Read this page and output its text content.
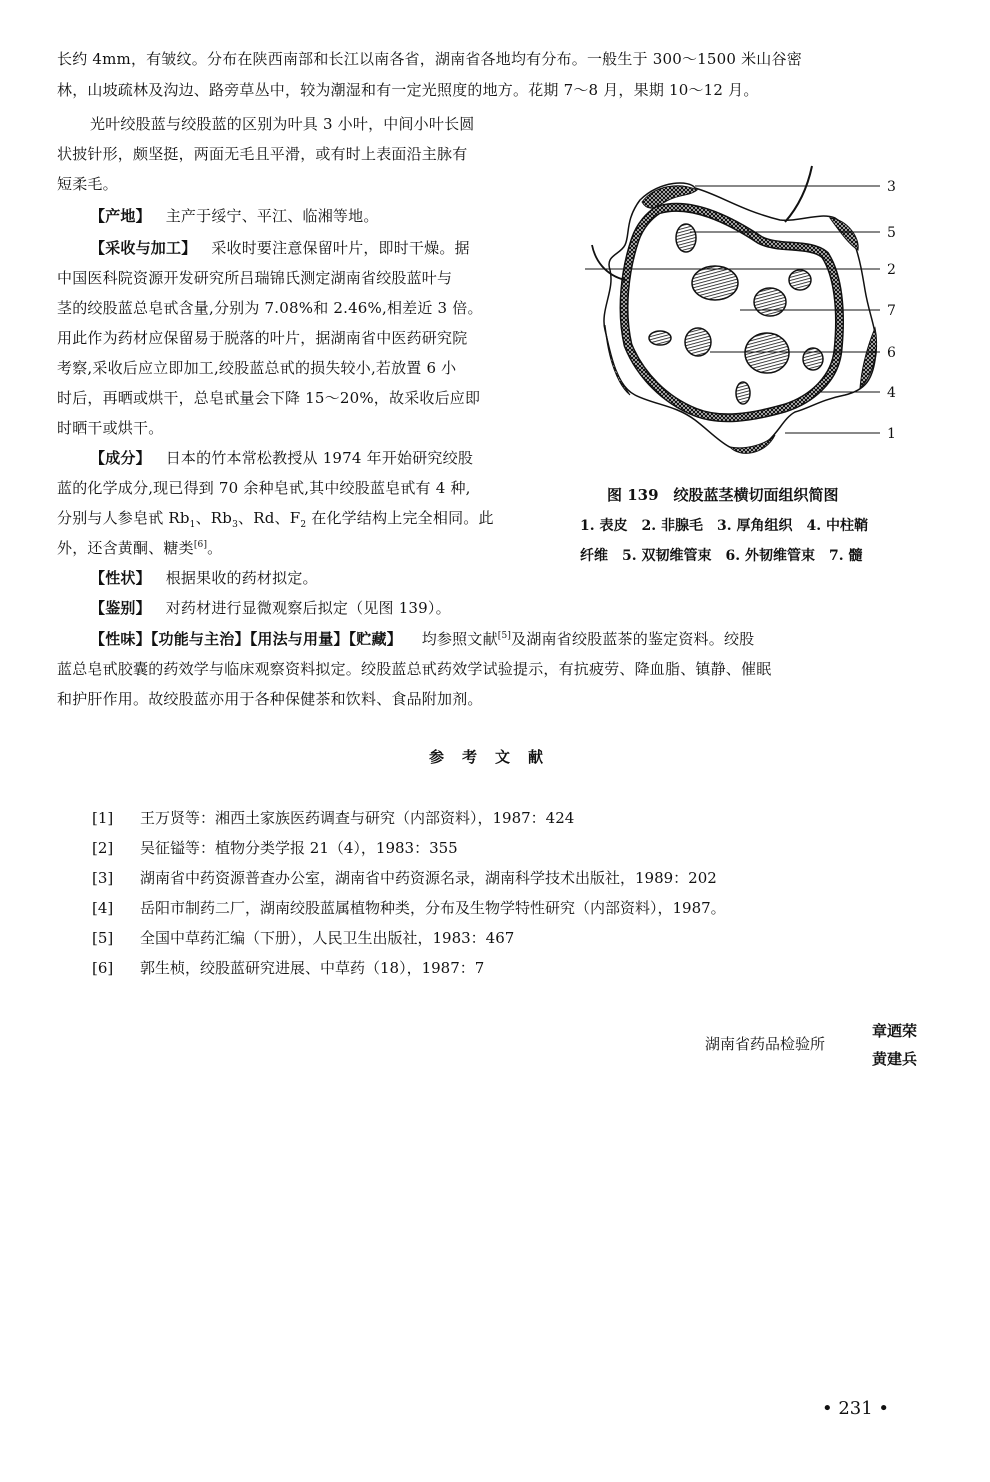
长约 4mm，有皱纹。分布在陕西南部和长江以南各省，湖南省各地均有分布。一般生于 300～1500 米山谷密
林，山坡疏林及沟边、路旁草丛中，较为潮湿和有一定光照度的地方。花期 7～8 月，果期 10～12 月。
光叶绞股蓝与绞股蓝的区别为叶具 3 小叶，中间小叶长圆
状披针形，颇坚挺，两面无毛且平滑，或有时上表面沿主脉有
短柔毛。
【产地】 主产于绥宁、平江、临湘等地。
【采收与加工】 采收时要注意保留叶片，即时干燥。据
中国医科院资源开发研究所吕瑞锦氏测定湖南省绞股蓝叶与
茎的绞股蓝总皂甙含量,分别为 7.08%和 2.46%,相差近 3 倍。
用此作为药材应保留易于脱落的叶片，据湖南省中医药研究院
考察,采收后应立即加工,绞股蓝总甙的损失较小,若放置 6 小
时后，再晒或烘干，总皂甙量会下降 15～20%，故采收后应即
时晒干或烘干。
【成分】 日本的竹本常松教授从 1974 年开始研究绞股
蓝的化学成分,现已得到 70 余种皂甙,其中绞股蓝皂甙有 4 种,
分别与人参皂甙 $Rb_1$、$Rb_3$、Rd、$F_2$ 在化学结构上完全相同。此
外，还含黄酮、糖类[6]。
【性状】 根据果收的药材拟定。
【鉴别】 对药材进行显微观察后拟定（见图 139）。
【性味】【功能与主治】【用法与用量】【贮藏】 均参照文献[5]及湖南省绞股蓝茶的鉴定资料。绞股
蓝总皂甙胶囊的药效学与临床观察资料拟定。绞股蓝总甙药效学试验提示，有抗疲劳、降血脂、镇静、催眠
和护肝作用。故绞股蓝亦用于各种保健茶和饮料、食品附加剂。
3
5
2
7
6
4
1
图 139　绞股蓝茎横切面组织简图
1. 表皮　2. 非腺毛　3. 厚角组织　4. 中柱鞘
纤维　5. 双韧维管束　6. 外韧维管束　7. 髓
参考文献
[1] 王万贤等：湘西土家族医药调查与研究（内部资料），1987：424
[2] 吴征镒等：植物分类学报 21（4），1983：355
[3] 湖南省中药资源普查办公室，湖南省中药资源名录，湖南科学技术出版社，1989：202
[4] 岳阳市制药二厂，湖南绞股蓝属植物种类，分布及生物学特性研究（内部资料），1987。
[5] 全国中草药汇编（下册），人民卫生出版社，1983：467
[6] 郭生桢，绞股蓝研究进展、中草药（18），1987：7
湖南省药品检验所
章迺荣
黄建兵
• 231 •
